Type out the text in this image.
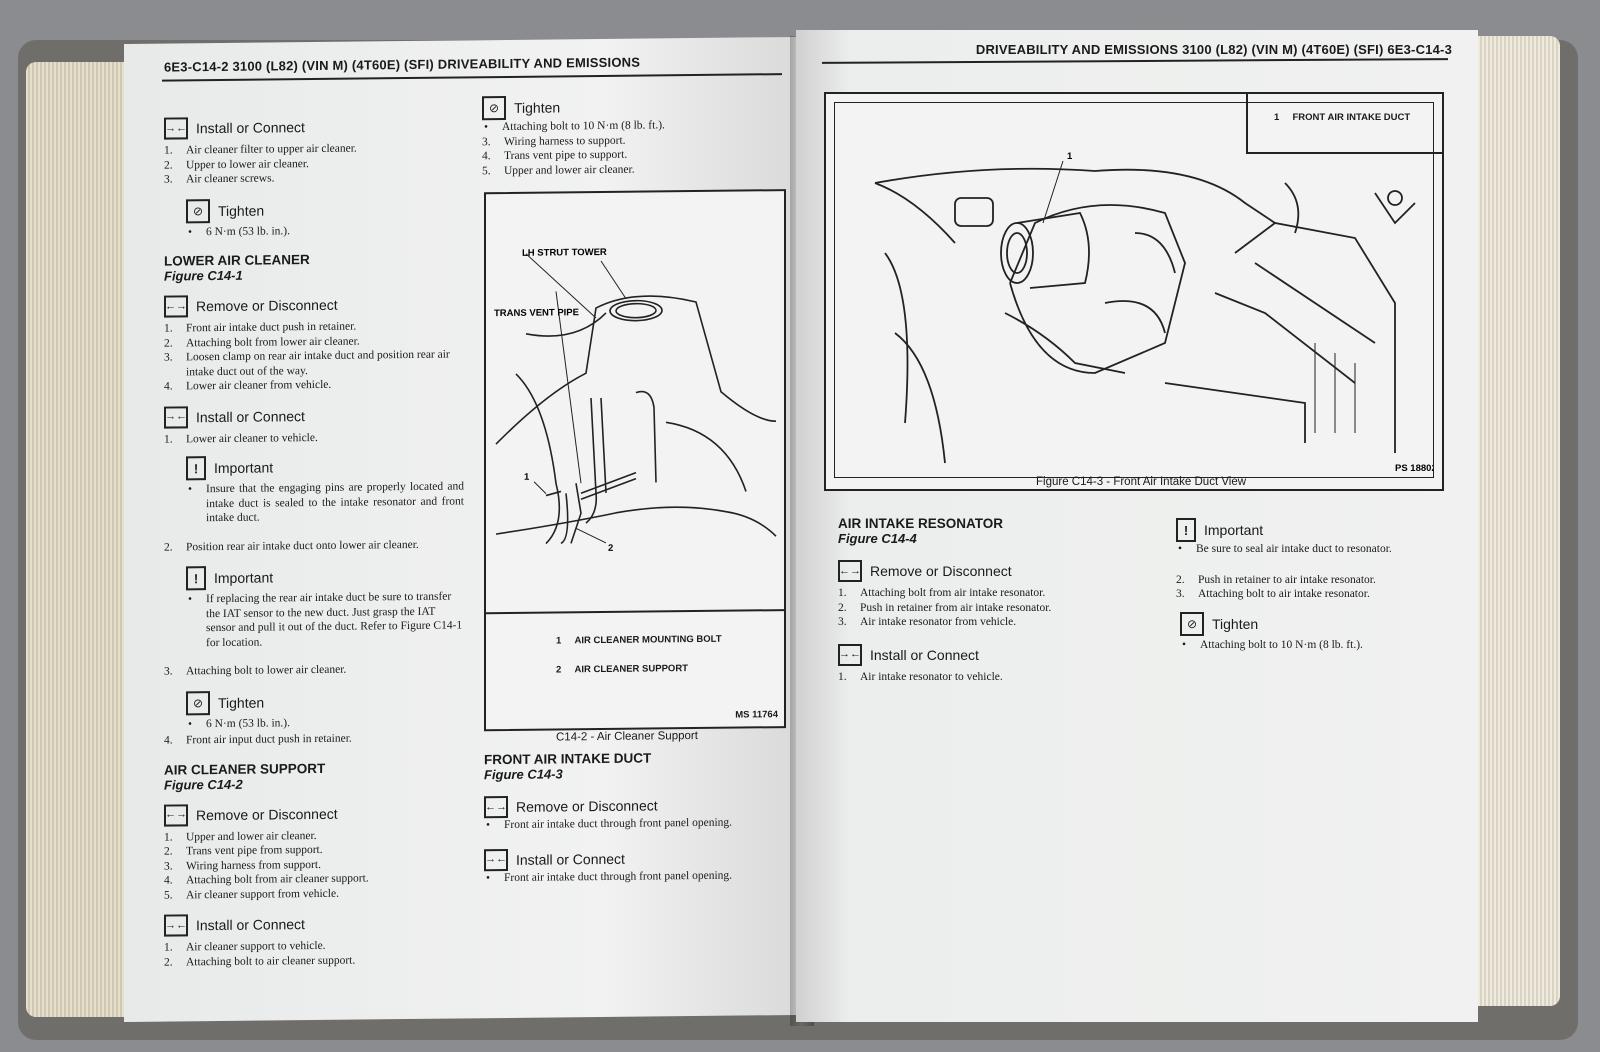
6E3-C14-2 3100 (L82) (VIN M) (4T60E) (SFI) DRIVEABILITY AND EMISSIONS
→← Install or Connect
1. Air cleaner filter to upper air cleaner.
2. Upper to lower air cleaner.
3. Air cleaner screws.
⊘	Tighten
• 6 N·m (53 lb. in.).
LOWER AIR CLEANER
Figure C14-1
←→ Remove or Disconnect
1. Front air intake duct push in retainer.
2. Attaching bolt from lower air cleaner.
3. Loosen clamp on rear air intake duct and position rear air intake duct out of the way.
4. Lower air cleaner from vehicle.
→← Install or Connect
1. Lower air cleaner to vehicle.
!	Important
• Insure that the engaging pins are properly located and intake duct is sealed to the intake resonator and front intake duct.
2. Position rear air intake duct onto lower air cleaner.
!	Important
• If replacing the rear air intake duct be sure to transfer the IAT sensor to the new duct. Just grasp the IAT sensor and pull it out of the duct. Refer to Figure C14-1 for location.
3. Attaching bolt to lower air cleaner.
⊘	Tighten
• 6 N·m (53 lb. in.).
4. Front air input duct push in retainer.
AIR CLEANER SUPPORT
Figure C14-2
←→ Remove or Disconnect
1. Upper and lower air cleaner.
2. Trans vent pipe from support.
3. Wiring harness from support.
4. Attaching bolt from air cleaner support.
5. Air cleaner support from vehicle.
→← Install or Connect
1. Air cleaner support to vehicle.
2. Attaching bolt to air cleaner support.
⊘	Tighten
• Attaching bolt to 10 N·m (8 lb. ft.).
3. Wiring harness to support.
4. Trans vent pipe to support.
5. Upper and lower air cleaner.
LH STRUT TOWER
TRANS VENT PIPE
1
2
1 AIR CLEANER MOUNTING BOLT
2 AIR CLEANER SUPPORT
MS 11764
C14-2 - Air Cleaner Support
FRONT AIR INTAKE DUCT
Figure C14-3
←→ Remove or Disconnect
• Front air intake duct through front panel opening.
→← Install or Connect
• Front air intake duct through front panel opening.
DRIVEABILITY AND EMISSIONS 3100 (L82) (VIN M) (4T60E) (SFI) 6E3-C14-3
1 FRONT AIR INTAKE DUCT
1
PS 18802
Figure C14-3 - Front Air Intake Duct View
AIR INTAKE RESONATOR
Figure C14-4
←→ Remove or Disconnect
1. Attaching bolt from air intake resonator.
2. Push in retainer from air intake resonator.
3. Air intake resonator from vehicle.
→← Install or Connect
1. Air intake resonator to vehicle.
!	Important
• Be sure to seal air intake duct to resonator.
2. Push in retainer to air intake resonator.
3. Attaching bolt to air intake resonator.
⊘	Tighten
• Attaching bolt to 10 N·m (8 lb. ft.).
